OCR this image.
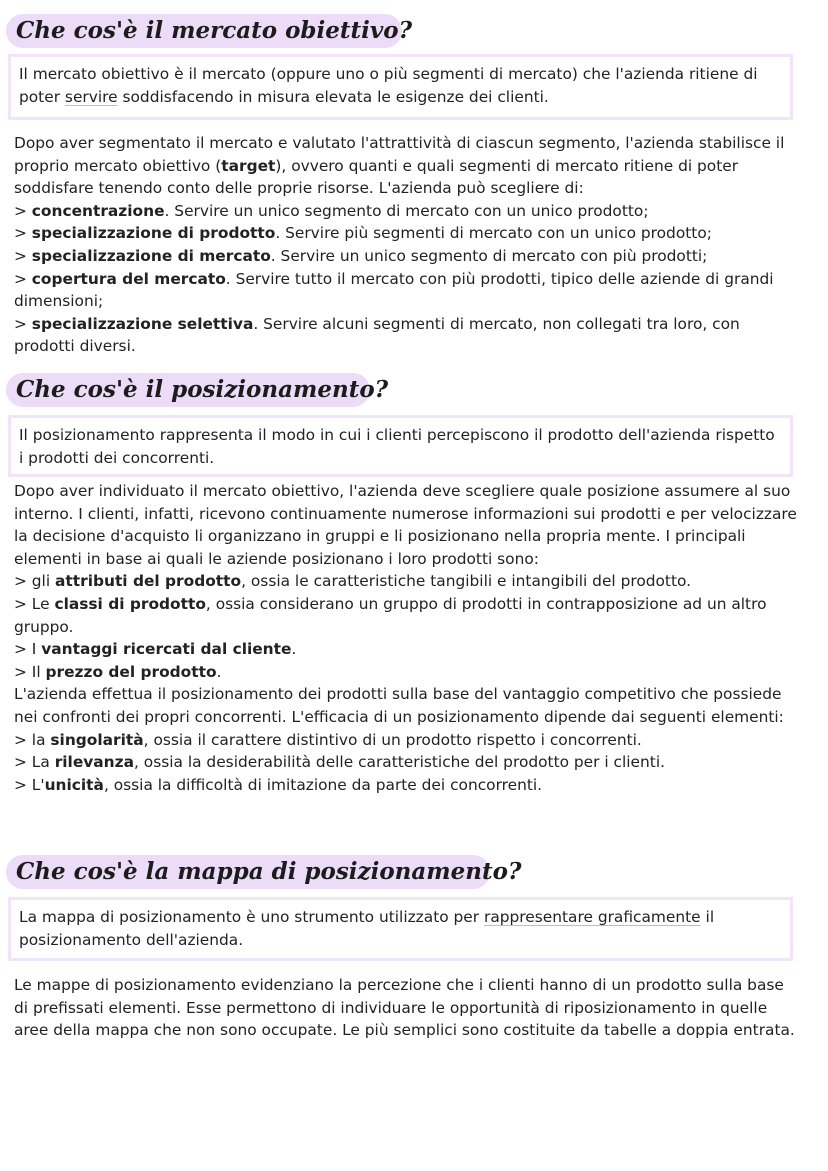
Che cos'è il mercato obiettivo?

Il mercato obiettivo è il mercato (oppure uno o più segmenti di mercato) che l'azienda ritiene di poter servire soddisfacendo in misura elevata le esigenze dei clienti.

Dopo aver segmentato il mercato e valutato l'attrattività di ciascun segmento, l'azienda stabilisce il proprio mercato obiettivo (target), ovvero quanti e quali segmenti di mercato ritiene di poter soddisfare tenendo conto delle proprie risorse. L'azienda può scegliere di:

> concentrazione. Servire un unico segmento di mercato con un unico prodotto;

> specializzazione di prodotto. Servire più segmenti di mercato con un unico prodotto;

> specializzazione di mercato. Servire un unico segmento di mercato con più prodotti;

> copertura del mercato. Servire tutto il mercato con più prodotti, tipico delle aziende di grandi dimensioni;

> specializzazione selettiva. Servire alcuni segmenti di mercato, non collegati tra loro, con prodotti diversi.

Che cos'è il posizionamento?

Il posizionamento rappresenta il modo in cui i clienti percepiscono il prodotto dell'azienda rispetto i prodotti dei concorrenti.

Dopo aver individuato il mercato obiettivo, l'azienda deve scegliere quale posizione assumere al suo interno. I clienti, infatti, ricevono continuamente numerose informazioni sui prodotti e per velocizzare la decisione d'acquisto li organizzano in gruppi e li posizionano nella propria mente. I principali elementi in base ai quali le aziende posizionano i loro prodotti sono:

> gli attributi del prodotto, ossia le caratteristiche tangibili e intangibili del prodotto.

> Le classi di prodotto, ossia considerano un gruppo di prodotti in contrapposizione ad un altro gruppo.

> I vantaggi ricercati dal cliente.

> Il prezzo del prodotto.

L'azienda effettua il posizionamento dei prodotti sulla base del vantaggio competitivo che possiede nei confronti dei propri concorrenti. L'efficacia di un posizionamento dipende dai seguenti elementi:

> la singolarità, ossia il carattere distintivo di un prodotto rispetto i concorrenti.

> La rilevanza, ossia la desiderabilità delle caratteristiche del prodotto per i clienti.

> L'unicità, ossia la difficoltà di imitazione da parte dei concorrenti.

Che cos'è la mappa di posizionamento?

La mappa di posizionamento è uno strumento utilizzato per rappresentare graficamente il posizionamento dell'azienda.

Le mappe di posizionamento evidenziano la percezione che i clienti hanno di un prodotto sulla base di prefissati elementi. Esse permettono di individuare le opportunità di riposizionamento in quelle aree della mappa che non sono occupate. Le più semplici sono costituite da tabelle a doppia entrata.
